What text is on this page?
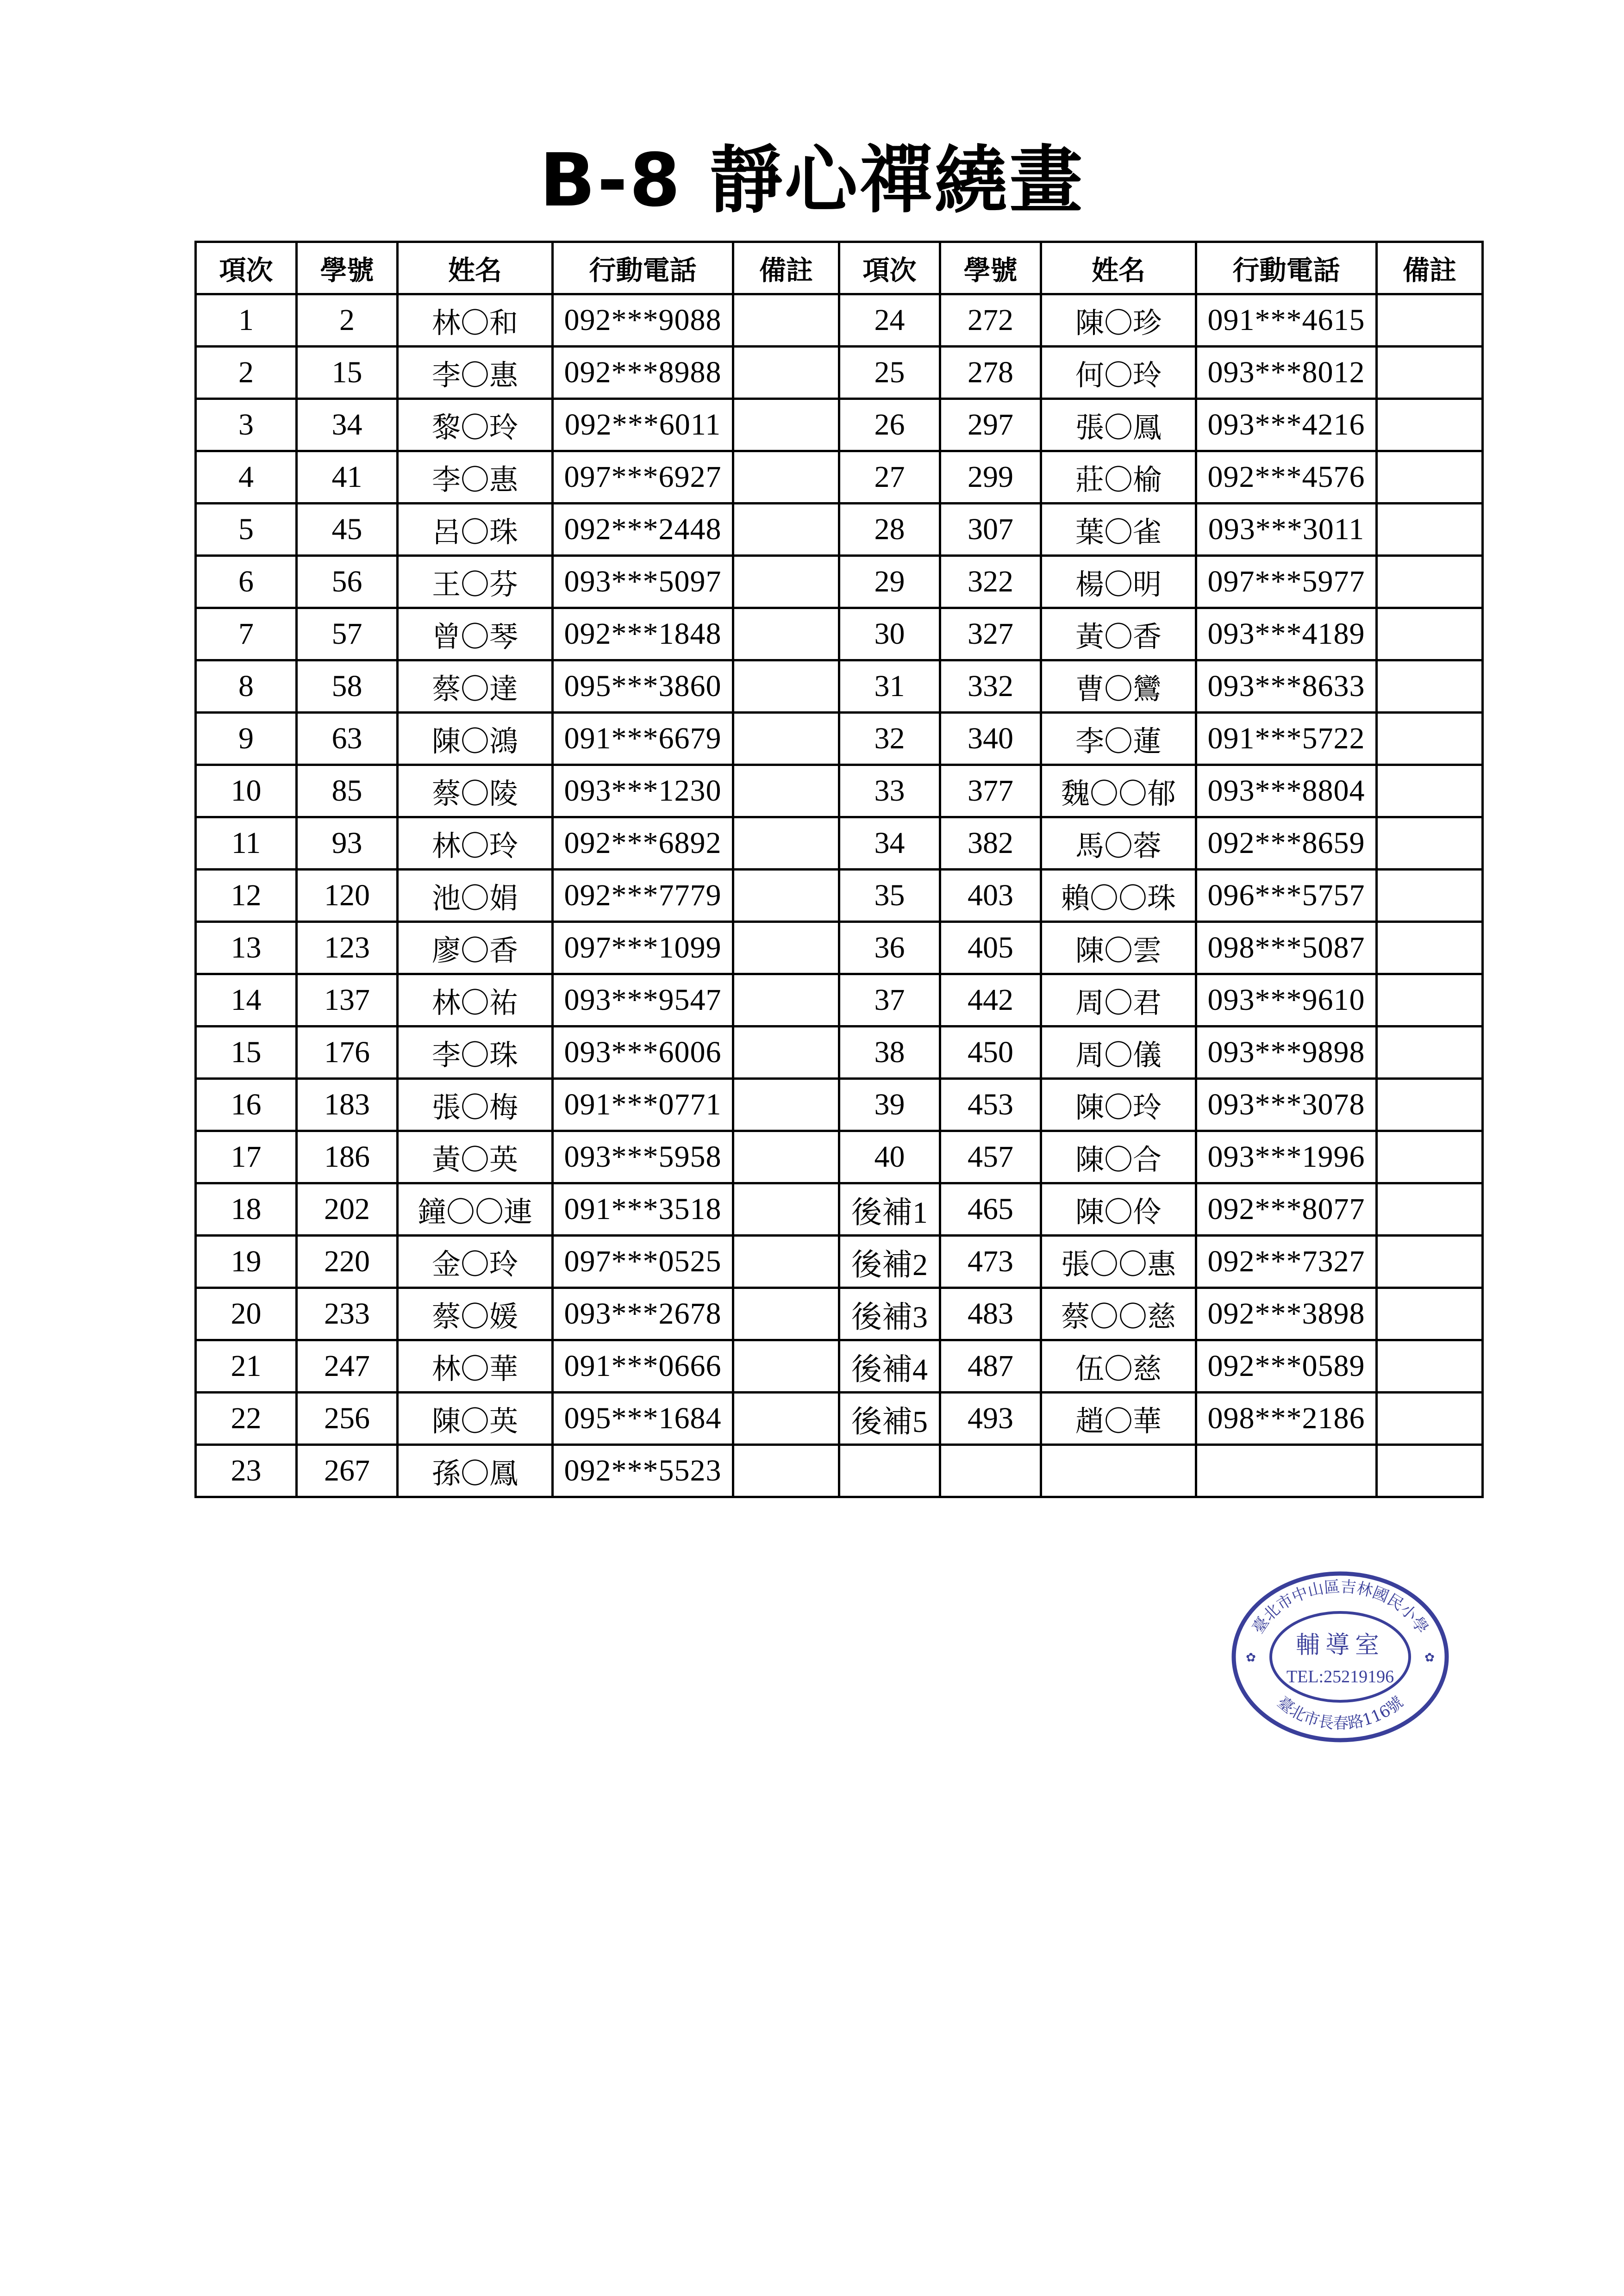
B-8 靜心禪繞畫
項次	學號	姓名	行動電話	備註	項次	學號	姓名	行動電話	備註
1	2	林〇和	092***9088		24	272	陳〇珍	091***4615	
2	15	李〇惠	092***8988		25	278	何〇玲	093***8012	
3	34	黎〇玲	092***6011		26	297	張〇鳳	093***4216	
4	41	李〇惠	097***6927		27	299	莊〇榆	092***4576	
5	45	呂〇珠	092***2448		28	307	葉〇雀	093***3011	
6	56	王〇芬	093***5097		29	322	楊〇明	097***5977	
7	57	曾〇琴	092***1848		30	327	黃〇香	093***4189	
8	58	蔡〇達	095***3860		31	332	曹〇鸞	093***8633	
9	63	陳〇鴻	091***6679		32	340	李〇蓮	091***5722	
10	85	蔡〇陵	093***1230		33	377	魏〇〇郁	093***8804	
11	93	林〇玲	092***6892		34	382	馬〇蓉	092***8659	
12	120	池〇娟	092***7779		35	403	賴〇〇珠	096***5757	
13	123	廖〇香	097***1099		36	405	陳〇雲	098***5087	
14	137	林〇祐	093***9547		37	442	周〇君	093***9610	
15	176	李〇珠	093***6006		38	450	周〇儀	093***9898	
16	183	張〇梅	091***0771		39	453	陳〇玲	093***3078	
17	186	黃〇英	093***5958		40	457	陳〇合	093***1996	
18	202	鐘〇〇連	091***3518		後補1	465	陳〇伶	092***8077	
19	220	金〇玲	097***0525		後補2	473	張〇〇惠	092***7327	
20	233	蔡〇媛	093***2678		後補3	483	蔡〇〇慈	092***3898	
21	247	林〇華	091***0666		後補4	487	伍〇慈	092***0589	
22	256	陳〇英	095***1684		後補5	493	趙〇華	098***2186	
23	267	孫〇鳳	092***5523						
臺北市中山區吉林國民小學
臺北市長春路116號
輔導室
TEL:25219196
✿	✿
